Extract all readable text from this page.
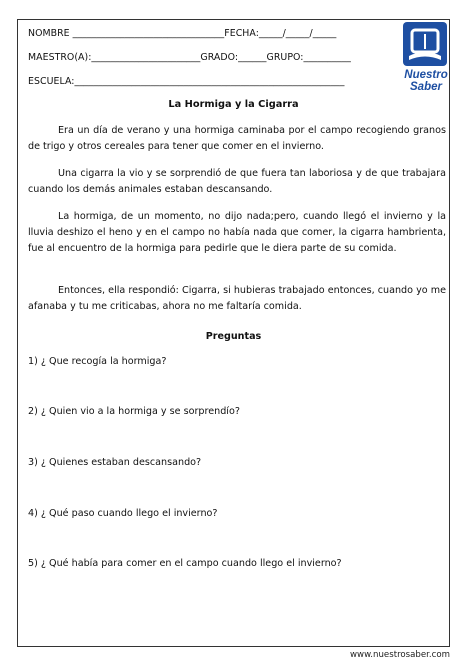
NOMBRE ________________________________FECHA:_____/_____/_____
MAESTRO(A):_______________________GRADO:______GRUPO:__________
ESCUELA:_________________________________________________________
Nuestro
Saber
La Hormiga y la Cigarra
Era un día de verano y una hormiga caminaba por el campo recogiendo granos de trigo y otros cereales para tener que comer en el invierno.
Una cigarra la vio y se sorprendió de que fuera tan laboriosa y de que trabajara cuando los demás animales estaban descansando.
La hormiga, de un momento, no dijo nada;pero, cuando llegó el invierno y la lluvia deshizo el heno y en el campo no había nada que comer, la cigarra hambrienta, fue al encuentro de la hormiga para pedirle que le diera parte de su comida.
Entonces, ella respondió: Cigarra, si hubieras trabajado entonces, cuando yo me afanaba y tu me criticabas, ahora no me faltaría comida.
Preguntas
1) ¿ Que recogía la hormiga?
2) ¿ Quien vio a la hormiga y se sorprendío?
3) ¿ Quienes estaban descansando?
4) ¿ Qué paso cuando llego el invierno?
5) ¿ Qué había para comer en el campo cuando llego el invierno?
www.nuestrosaber.com
